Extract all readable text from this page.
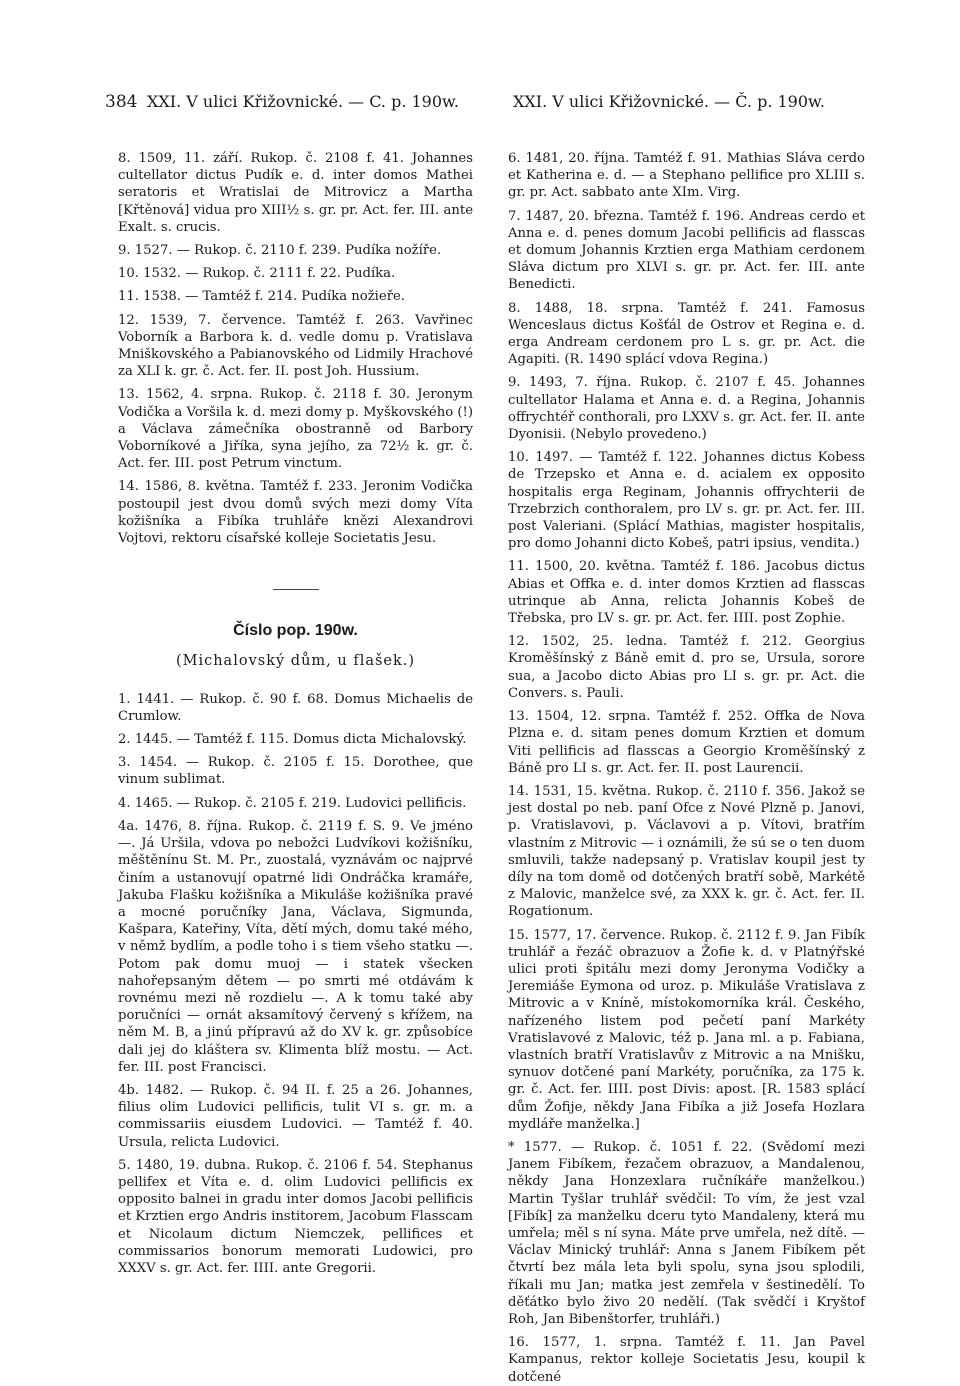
384 XXI. V ulici Křižovnické. — C. p. 190w.	XXI. V ulici Křižovnické. — Č. p. 190w.

8. 1509, 11. září. Rukop. č. 2108 f. 41. Johannes cultellator dictus Pudík e. d. inter domos Mathei seratoris et Wratislai de Mitrovicz a Martha [Křtěnová] vidua pro XIII½ s. gr. pr. Act. fer. III. ante Exalt. s. crucis.

9. 1527. — Rukop. č. 2110 f. 239. Pudíka nožíře.

10. 1532. — Rukop. č. 2111 f. 22. Pudíka.

11. 1538. — Tamtéž f. 214. Pudíka nožieře.

12. 1539, 7. července. Tamtéž f. 263. Vavřinec Voborník a Barbora k. d. vedle domu p. Vratislava Mniškovského a Pabianovského od Lidmily Hrachové za XLI k. gr. č. Act. fer. II. post Joh. Hussium.

13. 1562, 4. srpna. Rukop. č. 2118 f. 30. Jeronym Vodička a Voršila k. d. mezi domy p. Myškovského (!) a Václava zámečníka obostranně od Barbory Voborníkové a Jiříka, syna jejího, za 72½ k. gr. č. Act. fer. III. post Petrum vinctum.

14. 1586, 8. května. Tamtéž f. 233. Jeronim Vodička postoupil jest dvou domů svých mezi domy Víta kožišníka a Fibíka truhláře knězi Alexandrovi Vojtovi, rektoru císařské kolleje Societatis Jesu.

Číslo pop. 190w.

(Michalovský dům, u flašek.)

1. 1441. — Rukop. č. 90 f. 68. Domus Michaelis de Crumlow.

2. 1445. — Tamtéž f. 115. Domus dicta Michalovský.

3. 1454. — Rukop. č. 2105 f. 15. Dorothee, que vinum sublimat.

4. 1465. — Rukop. č. 2105 f. 219. Ludovici pellificis.

4a. 1476, 8. října. Rukop. č. 2119 f. S. 9. Ve jméno —. Já Uršila, vdova po nebožci Ludvíkovi kožišníku, měštěnínu St. M. Pr., zuostalá, vyznávám oc najprvé činím a ustanovují opatrné lidi Ondráčka kramáře, Jakuba Flašku kožišníka a Mikuláše kožišníka pravé a mocné poručníky Jana, Václava, Sigmunda, Kašpara, Kateřiny, Víta, dětí mých, domu také mého, v němž bydlím, a podle toho i s tiem všeho statku —. Potom pak domu muoj — i statek všecken nahořepsaným dětem — po smrti mé otdávám k rovnému mezi ně rozdielu —. A k tomu také aby poručníci — ornát aksamítový červený s křížem, na něm M. B, a jinú přípravú až do XV k. gr. způsobíce dali jej do kláštera sv. Klimenta blíž mostu. — Act. fer. III. post Francisci.

4b. 1482. — Rukop. č. 94 II. f. 25 a 26. Johannes, filius olim Ludovici pellificis, tulit VI s. gr. m. a commissariis eiusdem Ludovici. — Tamtéž f. 40. Ursula, relicta Ludovici.

5. 1480, 19. dubna. Rukop. č. 2106 f. 54. Stephanus pellifex et Víta e. d. olim Ludovici pellificis ex opposito balnei in gradu inter domos Jacobi pellificis et Krztien ergo Andris institorem, Jacobum Flasscam et Nicolaum dictum Niemczek, pellifices et commissarios bonorum memorati Ludowici, pro XXXV s. gr. Act. fer. IIII. ante Gregorii.

6. 1481, 20. října. Tamtéž f. 91. Mathias Sláva cerdo et Katherina e. d. — a Stephano pellifice pro XLIII s. gr. pr. Act. sabbato ante XIm. Virg.

7. 1487, 20. března. Tamtéž f. 196. Andreas cerdo et Anna e. d. penes domum Jacobi pellificis ad flasscas et domum Johannis Krztien erga Mathiam cerdonem Sláva dictum pro XLVI s. gr. pr. Act. fer. III. ante Benedicti.

8. 1488, 18. srpna. Tamtéž f. 241. Famosus Wenceslaus dictus Košťál de Ostrov et Regina e. d. erga Andream cerdonem pro L s. gr. pr. Act. die Agapiti. (R. 1490 splácí vdova Regina.)

9. 1493, 7. října. Rukop. č. 2107 f. 45. Johannes cultellator Halama et Anna e. d. a Regina, Johannis offrychtéř conthorali, pro LXXV s. gr. Act. fer. II. ante Dyonisii. (Nebylo provedeno.)

10. 1497. — Tamtéž f. 122. Johannes dictus Kobess de Trzepsko et Anna e. d. acialem ex opposito hospitalis erga Reginam, Johannis offrychterii de Trzebrzich conthoralem, pro LV s. gr. pr. Act. fer. III. post Valeriani. (Splácí Mathias, magister hospitalis, pro domo Johanni dicto Kobeš, patri ipsius, vendita.)

11. 1500, 20. května. Tamtéž f. 186. Jacobus dictus Abias et Offka e. d. inter domos Krztien ad flasscas utrinque ab Anna, relicta Johannis Kobeš de Třebska, pro LV s. gr. pr. Act. fer. IIII. post Zophie.

12. 1502, 25. ledna. Tamtéž f. 212. Georgius Kroměšínský z Báně emit d. pro se, Ursula, sorore sua, a Jacobo dicto Abias pro LI s. gr. pr. Act. die Convers. s. Pauli.

13. 1504, 12. srpna. Tamtéž f. 252. Offka de Nova Plzna e. d. sitam penes domum Krztien et domum Viti pellificis ad flasscas a Georgio Kroměšínský z Báně pro LI s. gr. Act. fer. II. post Laurencii.

14. 1531, 15. května. Rukop. č. 2110 f. 356. Jakož se jest dostal po neb. paní Ofce z Nové Plzně p. Janovi, p. Vratislavovi, p. Václavovi a p. Vítovi, bratřím vlastním z Mitrovic — i oznámili, že sú se o ten duom smluvili, takže nadepsaný p. Vratislav koupil jest ty díly na tom domě od dotčených bratří sobě, Markétě z Malovic, manželce své, za XXX k. gr. č. Act. fer. II. Rogationum.

15. 1577, 17. července. Rukop. č. 2112 f. 9. Jan Fibík truhlář a řezáč obrazuov a Žofie k. d. v Platnýřské ulici proti špitálu mezi domy Jeronyma Vodičky a Jeremiáše Eymona od uroz. p. Mikuláše Vratislava z Mitrovic a v Kníně, místokomorníka král. Českého, nařízeného listem pod pečetí paní Markéty Vratislavové z Malovic, též p. Jana ml. a p. Fabiana, vlastních bratří Vratislavův z Mitrovic a na Mnišku, synuov dotčené paní Markéty, poručníka, za 175 k. gr. č. Act. fer. IIII. post Divis: apost. [R. 1583 splácí dům Žofije, někdy Jana Fibíka a již Josefa Hozlara mydláře manželka.]

* 1577. — Rukop. č. 1051 f. 22. (Svědomí mezi Janem Fibíkem, řezačem obrazuov, a Mandalenou, někdy Jana Honzexlara ručníkáře manželkou.) Martin Tyšlar truhlář svědčil: To vím, že jest vzal [Fibík] za manželku dceru tyto Mandaleny, která mu umřela; měl s ní syna. Máte prve umřela, než dítě. — Václav Minický truhlář: Anna s Janem Fibíkem pět čtvrtí bez mála leta byli spolu, syna jsou splodili, říkali mu Jan; matka jest zemřela v šestinedělí. To děťátko bylo živo 20 nedělí. (Tak svědčí i Kryštof Roh, Jan Bibenštorfer, truhláři.)

16. 1577, 1. srpna. Tamtéž f. 11. Jan Pavel Kampanus, rektor kolleje Societatis Jesu, koupil k dotčené
